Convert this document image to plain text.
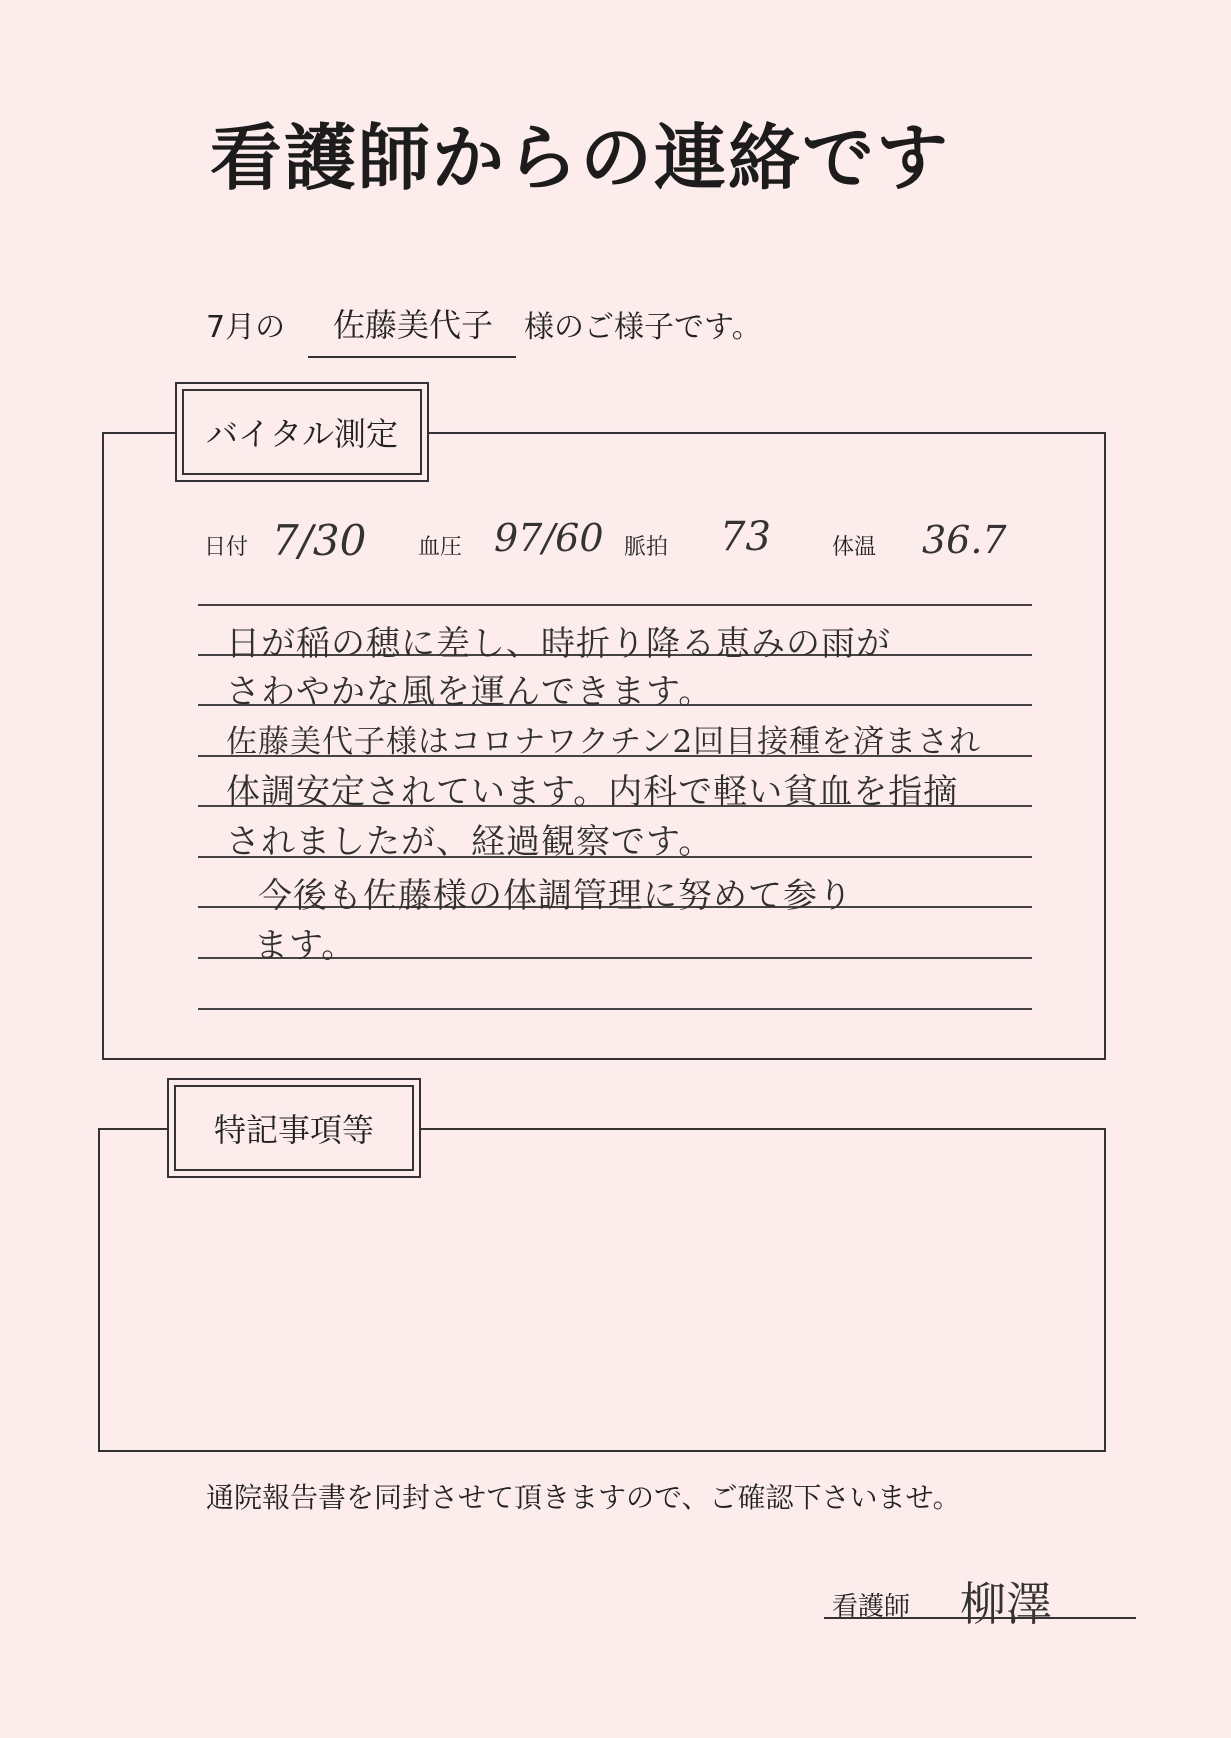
看護師からの連絡です
7月の	佐藤美代子	様のご様子です。
バイタル測定
日付 7/30 血圧 97/60 脈拍 73	体温 36.7
日が稲の穂に差し、時折り降る恵みの雨が
さわやかな風を運んできます。
佐藤美代子様はコロナワクチン2回目接種を済まされ
体調安定されています。内科で軽い貧血を指摘
されましたが、経過観察です。
今後も佐藤様の体調管理に努めて参り
ます。
特記事項等
通院報告書を同封させて頂きますので、ご確認下さいませ。
看護師 柳澤
